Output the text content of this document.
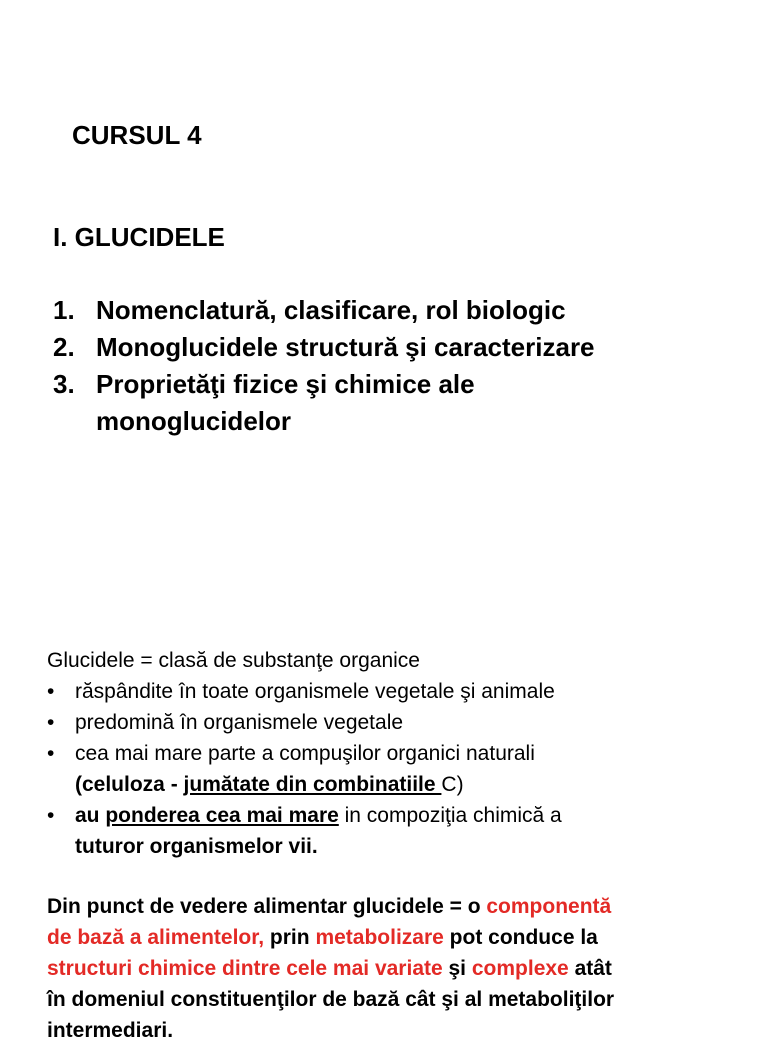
CURSUL 4
I. GLUCIDELE
1. Nomenclatură, clasificare, rol biologic
2. Monoglucidele structură şi caracterizare
3. Proprietăţi fizice şi chimice ale
monoglucidelor
Glucidele = clasă de substanţe organice
• răspândite în toate organismele vegetale şi animale
• predomină în organismele vegetale
• cea mai mare parte a compuşilor organici naturali
(celuloza - jumătate din combinatiile C)
• au ponderea cea mai mare in compoziţia chimică a
tuturor organismelor vii.
Din punct de vedere alimentar glucidele = o componentă
de bază a alimentelor, prin metabolizare pot conduce la
structuri chimice dintre cele mai variate şi complexe atât
în domeniul constituenţilor de bază cât şi al metaboliţilor
intermediari.
